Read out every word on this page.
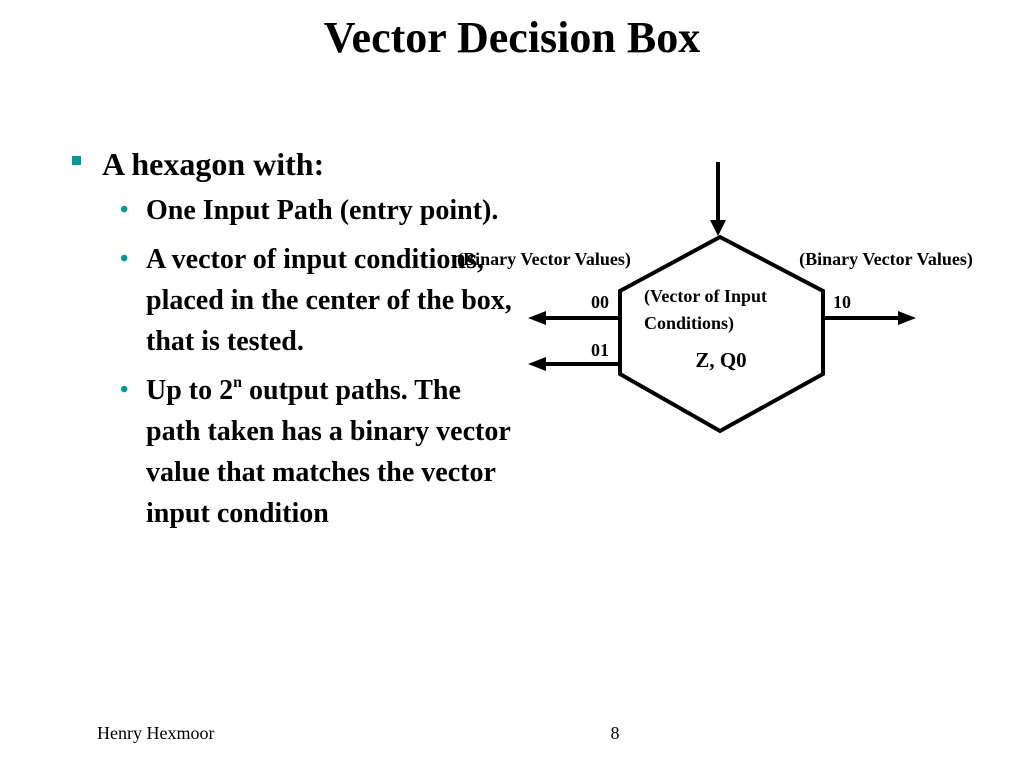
Vector Decision Box
A hexagon with:
• One Input Path (entry point).
• A vector of input conditions, placed in the center of the box, that is tested.
• Up to 2$^n$ output paths. The path taken has a binary vector value that matches the vector input condition
(Binary Vector Values)	(Binary Vector Values)
00
01
10
(Vector of Input
Conditions)
Z, Q0
Henry Hexmoor	8
